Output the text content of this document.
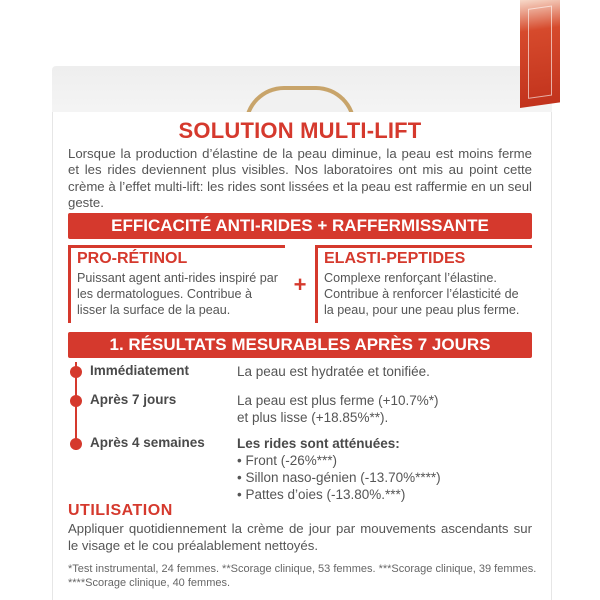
SOLUTION MULTI-LIFT
Lorsque la production d’élastine de la peau diminue, la peau est moins ferme et les rides deviennent plus visibles. Nos laboratoires ont mis au point cette crème à l’effet multi-lift: les rides sont lissées et la peau est raffermie en un seul geste.
EFFICACITÉ ANTI-RIDES + RAFFERMISSANTE
PRO-RÉTINOL
Puissant agent anti-rides inspiré par les dermatologues. Contribue à lisser la surface de la peau.
+
ELASTI-PEPTIDES
Complexe renforçant l’élastine. Contribue à renforcer l’élasticité de la peau, pour une peau plus ferme.
1. RÉSULTATS MESURABLES APRÈS 7 JOURS
Immédiatement	La peau est hydratée et tonifiée.
Après 7 jours	La peau est plus ferme (+10.7%*)
et plus lisse (+18.85%**).
Après 4 semaines Les rides sont atténuées:
• Front (-26%***)
• Sillon naso-génien (-13.70%****)
• Pattes d’oies (-13.80%.***)
UTILISATION
Appliquer quotidiennement la crème de jour par mouvements ascendants sur le visage et le cou préalablement nettoyés.
*Test instrumental, 24 femmes. **Scorage clinique, 53 femmes. ***Scorage clinique, 39 femmes. ****Scorage clinique, 40 femmes.
